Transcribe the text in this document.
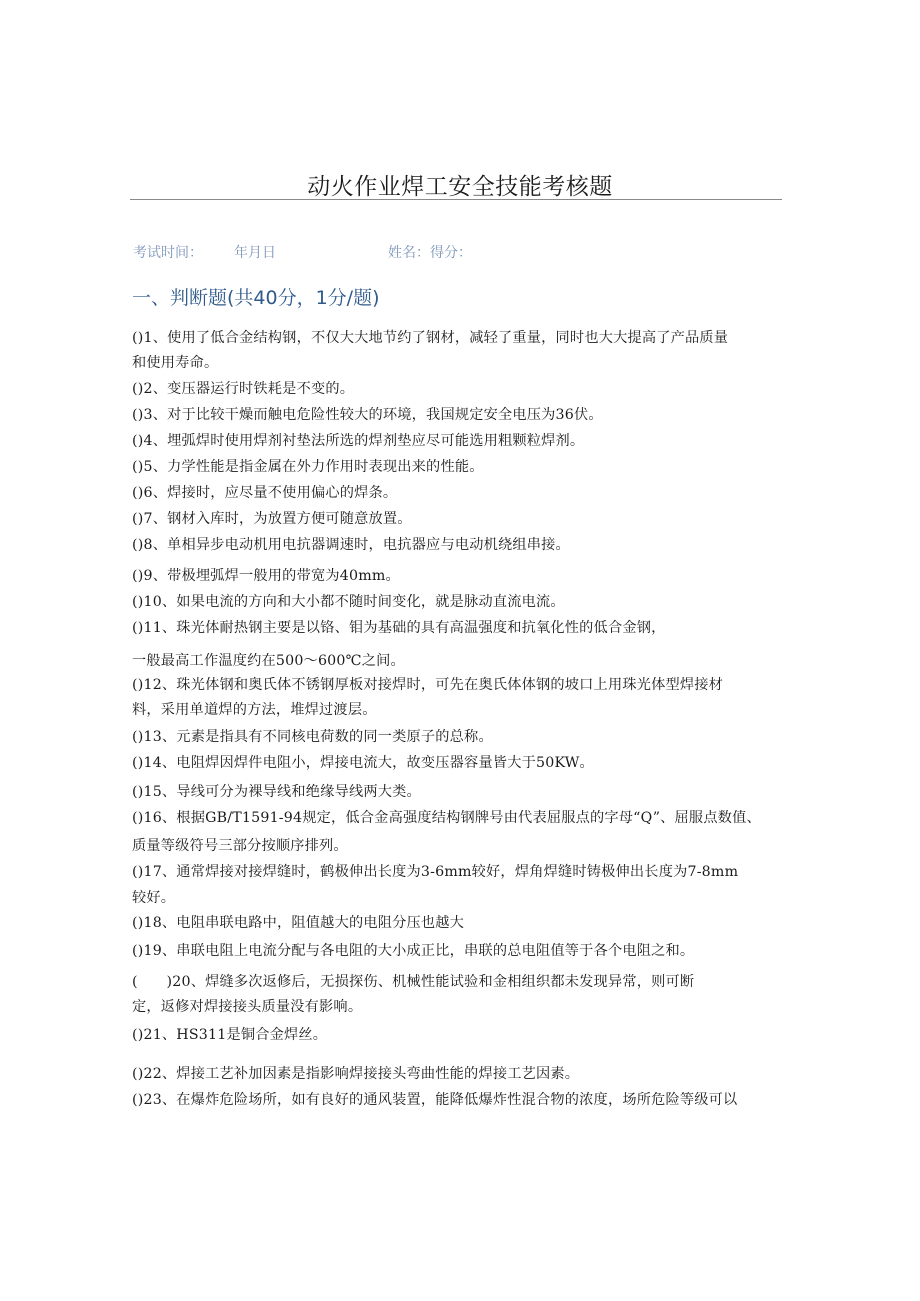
动火作业焊工安全技能考核题
考试时间： 年月日	姓名：得分：
一、判断题(共40分，1分/题)
()1、使用了低合金结构钢，不仅大大地节约了钢材，减轻了重量，同时也大大提高了产品质量
和使用寿命。
()2、变压器运行时铁耗是不变的。
()3、对于比较干燥而触电危险性较大的环境，我国规定安全电压为36伏。
()4、埋弧焊时使用焊剂衬垫法所选的焊剂垫应尽可能选用粗颗粒焊剂。
()5、力学性能是指金属在外力作用时表现出来的性能。
()6、焊接时，应尽量不使用偏心的焊条。
()7、钢材入库时，为放置方便可随意放置。
()8、单相异步电动机用电抗器调速时，电抗器应与电动机绕组串接。
()9、带极埋弧焊一般用的带宽为40mm。
()10、如果电流的方向和大小都不随时间变化，就是脉动直流电流。
()11、珠光体耐热钢主要是以铬、钼为基础的具有高温强度和抗氧化性的低合金钢，
一般最高工作温度约在500～600℃之间。
()12、珠光体钢和奥氏体不锈钢厚板对接焊时，可先在奥氏体体钢的坡口上用珠光体型焊接材
料，采用单道焊的方法，堆焊过渡层。
()13、元素是指具有不同核电荷数的同一类原子的总称。
()14、电阻焊因焊件电阻小，焊接电流大，故变压器容量皆大于50KW。
()15、导线可分为裸导线和绝缘导线两大类。
()16、根据GB/T1591-94规定，低合金高强度结构钢牌号由代表屈服点的字母“Q”、屈服点数值、
质量等级符号三部分按顺序排列。
()17、通常焊接对接焊缝时，鹤极伸出长度为3-6mm较好，焊角焊缝时铸极伸出长度为7-8mm
较好。
()18、电阻串联电路中，阻值越大的电阻分压也越大
()19、串联电阻上电流分配与各电阻的大小成正比，串联的总电阻值等于各个电阻之和。
(　　)20、焊缝多次返修后，无损探伤、机械性能试验和金相组织都未发现异常，则可断
定，返修对焊接接头质量没有影响。
()21、HS311是铜合金焊丝。
()22、焊接工艺补加因素是指影响焊接接头弯曲性能的焊接工艺因素。
()23、在爆炸危险场所，如有良好的通风装置，能降低爆炸性混合物的浓度，场所危险等级可以
